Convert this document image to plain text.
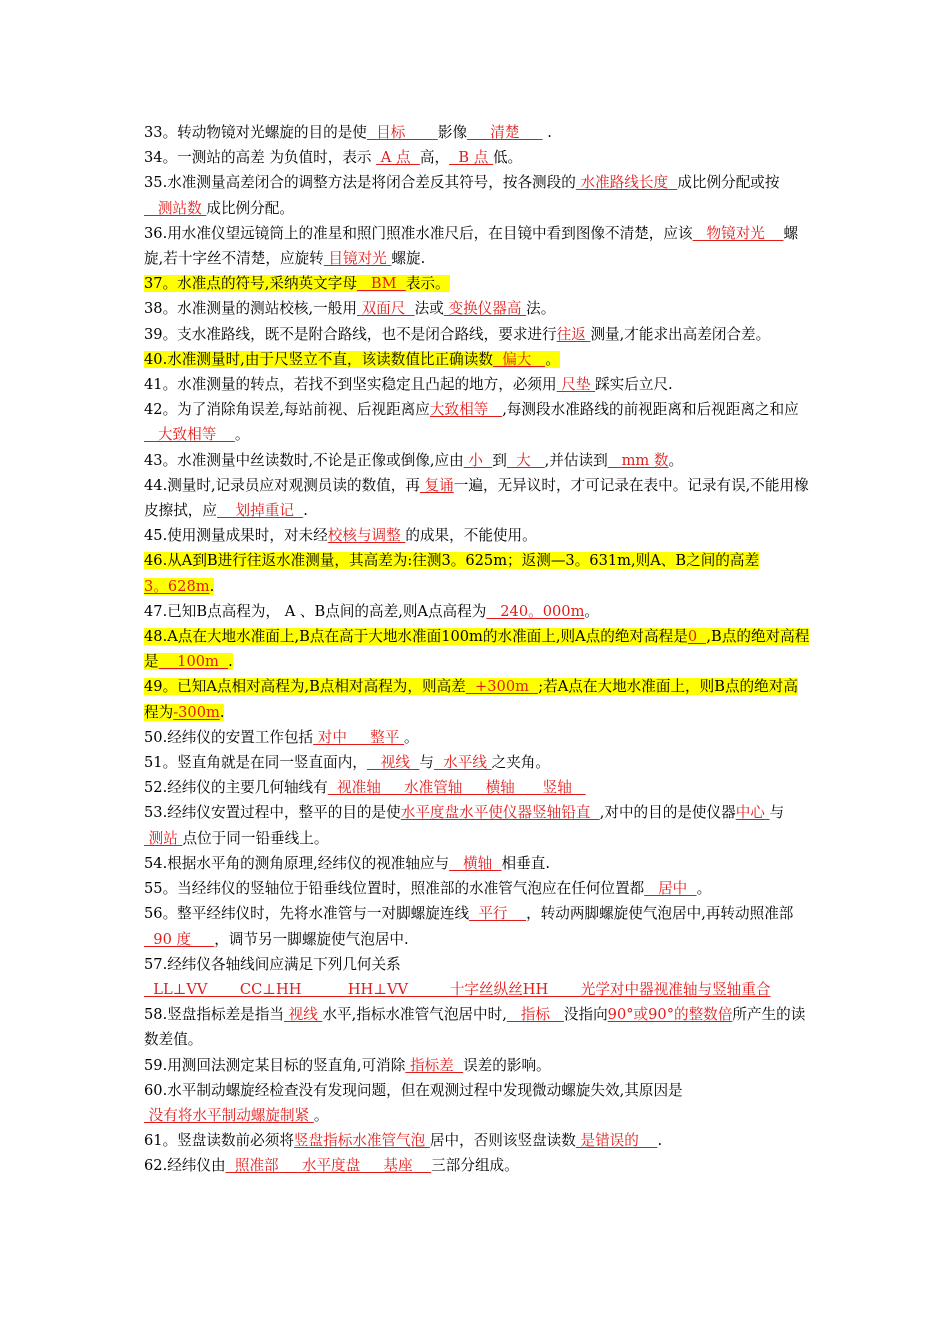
33。转动物镜对光螺旋的目的是使  目标       影像     清楚      .

34。一测站的高差 为负值时，表示  A 点  高，  B 点 低。

35.水准测量高差闭合的调整方法是将闭合差反其符号，按各测段的 水准路线长度  成比例分配或按   测站数 成比例分配。

36.用水准仪望远镜筒上的准星和照门照准水准尺后，在目镜中看到图像不清楚，应该   物镜对光    螺旋,若十字丝不清楚，应旋转 目镜对光 螺旋.

37。水准点的符号,采纳英文字母   BM  表示。

38。水准测量的测站校核,一般用 双面尺  法或 变换仪器高 法。

39。支水准路线，既不是附合路线，也不是闭合路线，要求进行往返 测量,才能求出高差闭合差。

40.水准测量时,由于尺竖立不直，该读数值比正确读数  偏大   。

41。水准测量的转点，若找不到坚实稳定且凸起的地方，必须用 尺垫 踩实后立尺.

42。为了消除角误差,每站前视、后视距离应大致相等   ,每测段水准路线的前视距离和后视距离之和应   大致相等    。

43。水准测量中丝读数时,不论是正像或倒像,应由 小  到  大   ,并估读到   mm 数。

44.测量时,记录员应对观测员读的数值，再 复诵一遍，无异议时，才可记录在表中。记录有误,不能用橡皮擦拭，应    划掉重记  .

45.使用测量成果时，对未经校核与调整 的成果，不能使用。

46.从A到B进行往返水准测量，其高差为:往测3。625m；返测—3。631m,则A、B之间的高差3。628m.

47.已知B点高程为， A 、B点间的高差,则A点高程为   240。000m。

48.A点在大地水准面上,B点在高于大地水准面100m的水准面上,则A点的绝对高程是0  ,B点的绝对高程是    100m  .

49。已知A点相对高程为,B点相对高程为，则高差  +300m  ;若A点在大地水准面上，则B点的绝对高程为-300m.

50.经纬仪的安置工作包括 对中     整平 。

51。竖直角就是在同一竖直面内，   视线  与  水平线 之夹角。

52.经纬仪的主要几何轴线有  视准轴     水准管轴     横轴      竖轴

53.经纬仪安置过程中，整平的目的是使水平度盘水平使仪器竖轴铅直  ,对中的目的是使仪器中心 与 测站 点位于同一铅垂线上。

54.根据水平角的测角原理,经纬仪的视准轴应与   横轴  相垂直.

55。当经纬仪的竖轴位于铅垂线位置时，照准部的水准管气泡应在任何位置都   居中  。

56。整平经纬仪时，先将水准管与一对脚螺旋连线  平行    ，转动两脚螺旋使气泡居中,再转动照准部  90 度     ，调节另一脚螺旋使气泡居中.

57.经纬仪各轴线间应满足下列几何关系  LL⊥VV       CC⊥HH          HH⊥VV         十字丝纵丝HH       光学对中器视准轴与竖轴重合

58.竖盘指标差是指当 视线 水平,指标水准管气泡居中时,   指标   没指向90°或90°的整数倍所产生的读数差值。

59.用测回法测定某目标的竖直角,可消除 指标差  误差的影响。

60.水平制动螺旋经检查没有发现问题，但在观测过程中发现微动螺旋失效,其原因是 没有将水平制动螺旋制紧 。

61。竖盘读数前必须将竖盘指标水准管气泡 居中，否则该竖盘读数 是错误的    .

62.经纬仪由  照准部     水平度盘     基座    三部分组成。
